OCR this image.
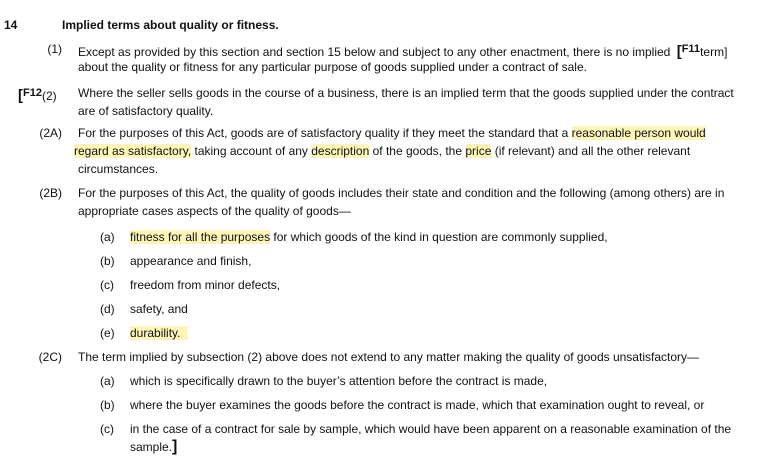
14	Implied terms about quality or fitness.
(1) Except as provided by this section and section 15 below and subject to any other enactment, there is no implied [F11term]
about the quality or fitness for any particular purpose of goods supplied under a contract of sale.
[F12(2) Where the seller sells goods in the course of a business, there is an implied term that the goods supplied under the contract
are of satisfactory quality.
(2A) For the purposes of this Act, goods are of satisfactory quality if they meet the standard that a reasonable person would
regard as satisfactory, taking account of any description of the goods, the price (if relevant) and all the other relevant
circumstances.
(2B) For the purposes of this Act, the quality of goods includes their state and condition and the following (among others) are in
appropriate cases aspects of the quality of goods—
(a) fitness for all the purposes for which goods of the kind in question are commonly supplied,
(b) appearance and finish,
(c) freedom from minor defects,
(d) safety, and
(e) durability.
(2C) The term implied by subsection (2) above does not extend to any matter making the quality of goods unsatisfactory—
(a) which is specifically drawn to the buyer’s attention before the contract is made,
(b) where the buyer examines the goods before the contract is made, which that examination ought to reveal, or
(c) in the case of a contract for sale by sample, which would have been apparent on a reasonable examination of the
sample.]
